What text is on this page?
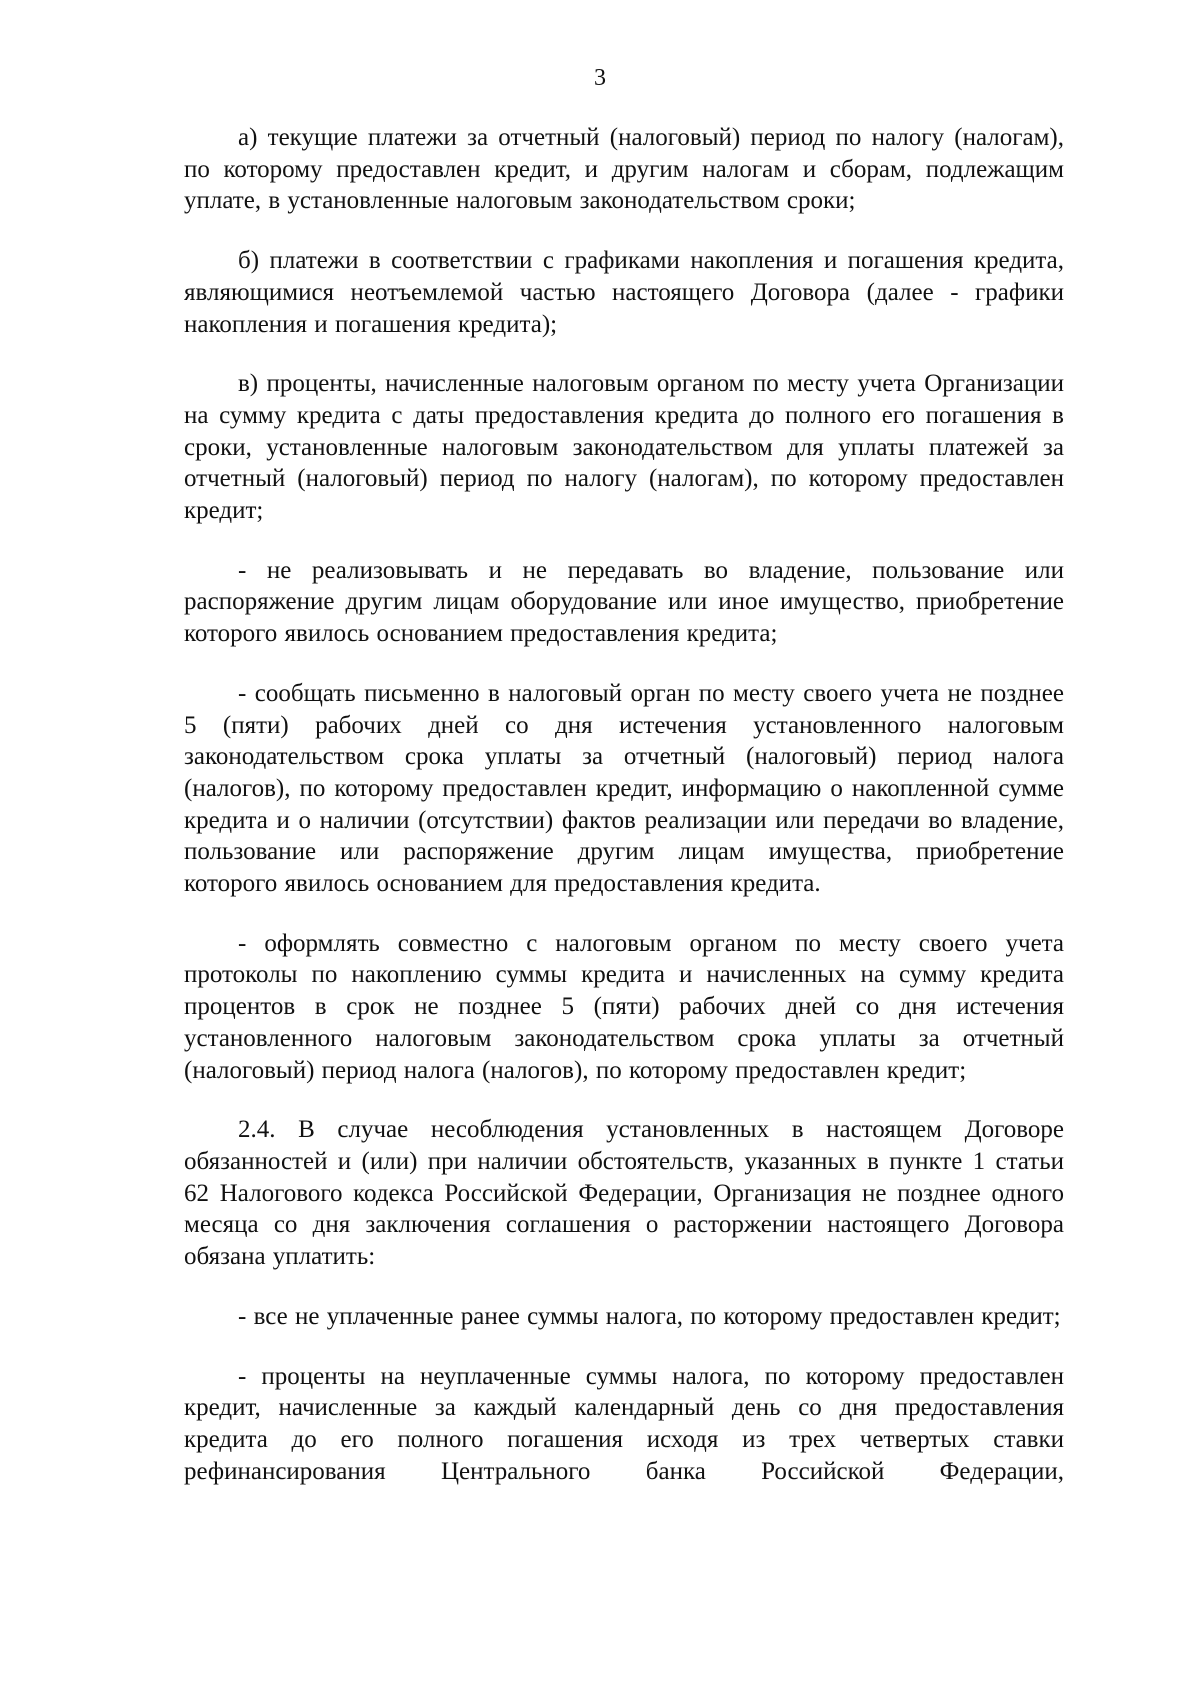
3

а) текущие платежи за отчетный (налоговый) период по налогу (налогам), по которому предоставлен кредит, и другим налогам и сборам, подлежащим уплате, в установленные налоговым законодательством сроки;

б) платежи в соответствии с графиками накопления и погашения кредита, являющимися неотъемлемой частью настоящего Договора (далее - графики накопления и погашения кредита);

в) проценты, начисленные налоговым органом по месту учета Организации на сумму кредита с даты предоставления кредита до полного его погашения в сроки, установленные налоговым законодательством для уплаты платежей за отчетный (налоговый) период по налогу (налогам), по которому предоставлен кредит;

- не реализовывать и не передавать во владение, пользование или распоряжение другим лицам оборудование или иное имущество, приобретение которого явилось основанием предоставления кредита;

- сообщать письменно в налоговый орган по месту своего учета не позднее 5 (пяти) рабочих дней со дня истечения установленного налоговым законодательством срока уплаты за отчетный (налоговый) период налога (налогов), по которому предоставлен кредит, информацию о накопленной сумме кредита и о наличии (отсутствии) фактов реализации или передачи во владение, пользование или распоряжение другим лицам имущества, приобретение которого явилось основанием для предоставления кредита.

- оформлять совместно с налоговым органом по месту своего учета протоколы по накоплению суммы кредита и начисленных на сумму кредита процентов в срок не позднее 5 (пяти) рабочих дней со дня истечения установленного налоговым законодательством срока уплаты за отчетный (налоговый) период налога (налогов), по которому предоставлен кредит;

2.4. В случае несоблюдения установленных в настоящем Договоре обязанностей и (или) при наличии обстоятельств, указанных в пункте 1 статьи 62 Налогового кодекса Российской Федерации, Организация не позднее одного месяца со дня заключения соглашения о расторжении настоящего Договора обязана уплатить:

- все не уплаченные ранее суммы налога, по которому предоставлен кредит;

- проценты на неуплаченные суммы налога, по которому предоставлен кредит, начисленные за каждый календарный день со дня предоставления кредита до его полного погашения исходя из трех четвертых ставки рефинансирования Центрального банка Российской Федерации,
